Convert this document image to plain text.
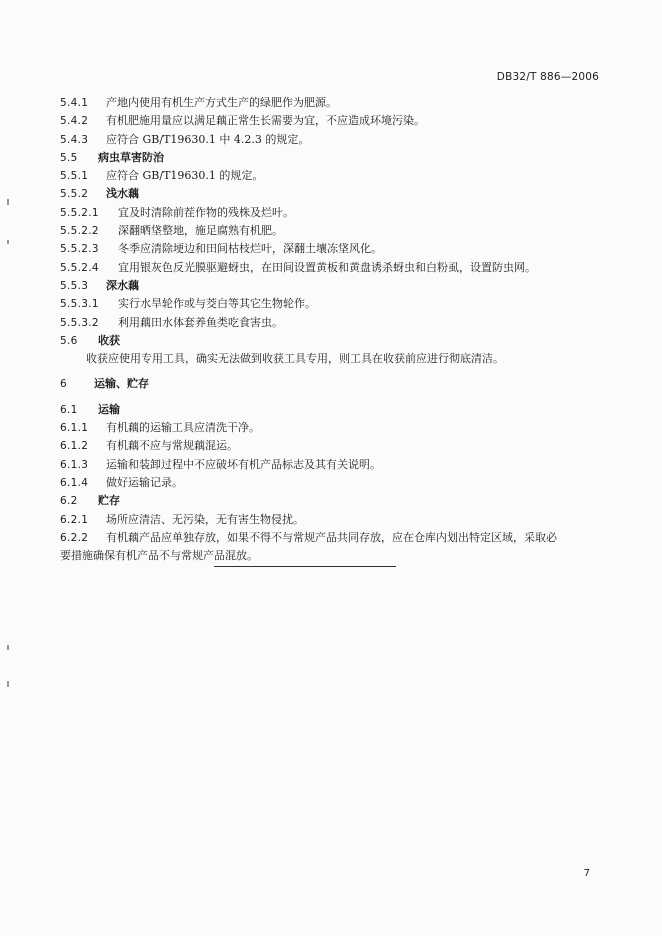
DB32/T 886—2006
5.4.1 产地内使用有机生产方式生产的绿肥作为肥源。
5.4.2 有机肥施用量应以满足藕正常生长需要为宜，不应造成环境污染。
5.4.3 应符合 GB/T19630.1 中 4.2.3 的规定。
5.5 病虫草害防治
5.5.1 应符合 GB/T19630.1 的规定。
5.5.2 浅水藕
5.5.2.1 宜及时清除前茬作物的残株及烂叶。
5.5.2.2 深翻晒垡整地，施足腐熟有机肥。
5.5.2.3 冬季应清除埂边和田间枯枝烂叶，深翻土壤冻垡风化。
5.5.2.4 宜用银灰色反光膜驱避蚜虫，在田间设置黄板和黄盘诱杀蚜虫和白粉虱，设置防虫网。
5.5.3 深水藕
5.5.3.1 实行水旱轮作或与茭白等其它生物轮作。
5.5.3.2 利用藕田水体套养鱼类吃食害虫。
5.6 收获
收获应使用专用工具，确实无法做到收获工具专用，则工具在收获前应进行彻底清洁。
6 运输、贮存
6.1 运输
6.1.1 有机藕的运输工具应清洗干净。
6.1.2 有机藕不应与常规藕混运。
6.1.3 运输和装卸过程中不应破坏有机产品标志及其有关说明。
6.1.4 做好运输记录。
6.2 贮存
6.2.1 场所应清洁、无污染，无有害生物侵扰。
6.2.2 有机藕产品应单独存放，如果不得不与常规产品共同存放，应在仓库内划出特定区域，采取必
要措施确保有机产品不与常规产品混放。
7
